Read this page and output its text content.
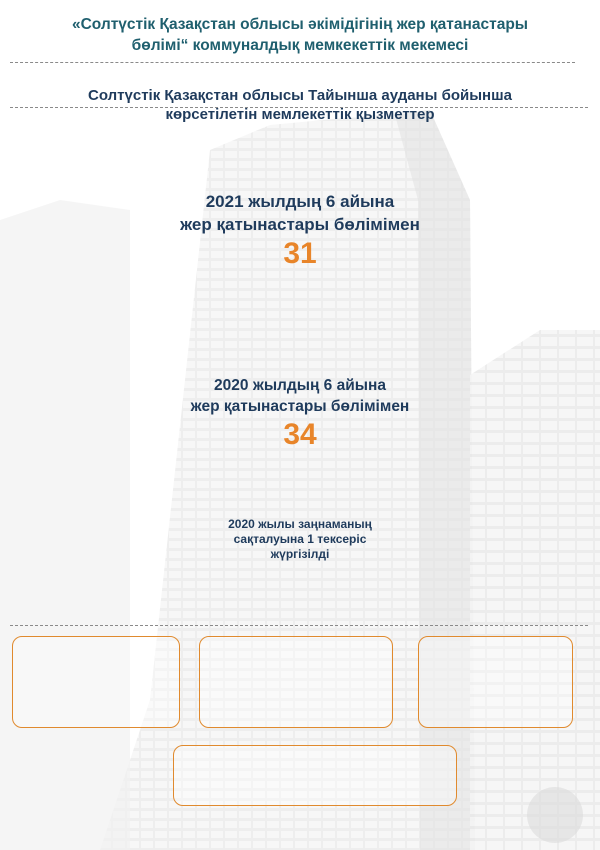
«Солтүстік Қазақстан облысы әкімідігінің жер қатанастары
бөлімі“ коммуналдық мемкекеттік мекемесі
Солтүстік Қазақстан облысы Тайынша ауданы бойынша
көрсетілетін мемлекеттік қызметтер
2021 жылдың 6 айына
жер қатынастары бөлімімен
31
2020 жылдың 6 айына
жер қатынастары бөлімімен
34
2020 жылы заңнаманың
сақталуына 1 тексеріс
жүргізілді
